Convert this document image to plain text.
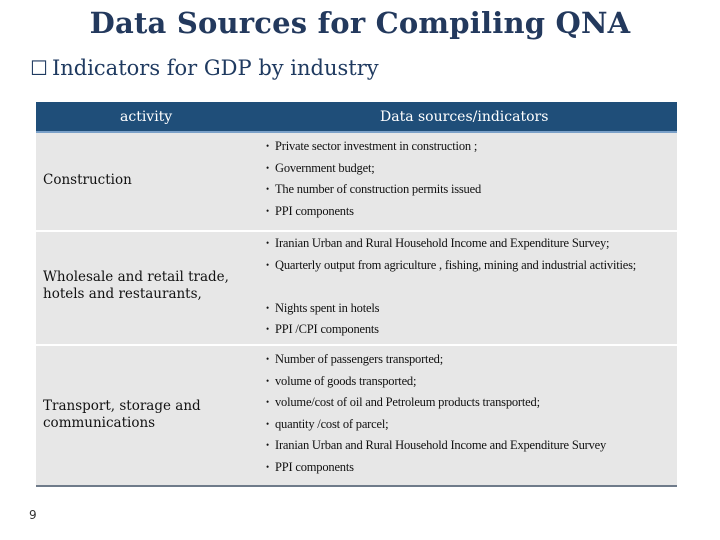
Data Sources for Compiling QNA
☐ Indicators for GDP by industry
activity	Data sources/indicators
Construction
• Private sector investment in construction ;
• Government budget;
• The number of construction permits issued
• PPI components
Wholesale and retail trade, hotels and restaurants,
• Iranian Urban and Rural Household Income and Expenditure Survey;
• Quarterly output from agriculture , fishing, mining and industrial activities;
• Nights spent in hotels
• PPI /CPI components
Transport, storage and communications
• Number of passengers transported;
• volume of goods transported;
• volume/cost of oil and Petroleum products transported;
• quantity /cost of parcel;
• Iranian Urban and Rural Household Income and Expenditure Survey
• PPI components
9
